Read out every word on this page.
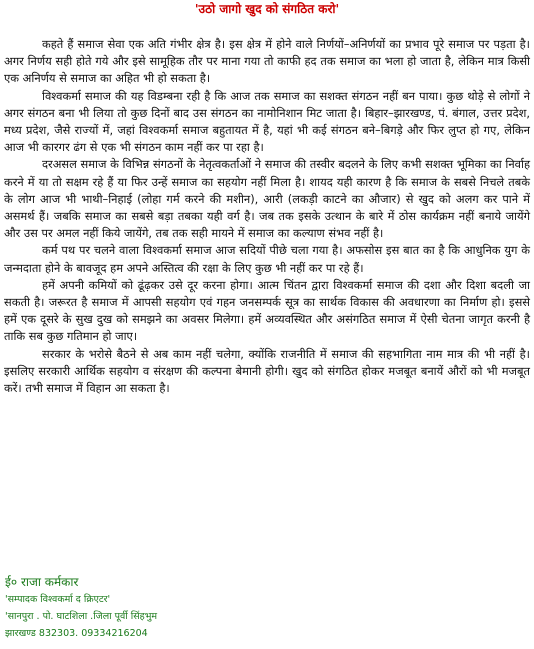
'उठो जागो खुद को संगठित करो'

कहते हैं समाज सेवा एक अति गंभीर क्षेत्र है। इस क्षेत्र में होने वाले निर्णयों–अनिर्णयों का प्रभाव पूरे समाज पर पड़ता है। अगर निर्णय सही होते गये और इसे सामूहिक तौर पर माना गया तो काफी हद तक समाज का भला हो जाता है, लेकिन मात्र किसी एक अनिर्णय से समाज का अहित भी हो सकता है।

विश्वकर्मा समाज की यह विडम्बना रही है कि आज तक समाज का सशक्त संगठन नहीं बन पाया। कुछ थोड़े से लोगों ने अगर संगठन बना भी लिया तो कुछ दिनों बाद उस संगठन का नामोनिशान मिट जाता है। बिहार–झारखण्ड, पं. बंगाल, उत्तर प्रदेश, मध्य प्रदेश, जैसे राज्यों में, जहां विश्वकर्मा समाज बहुतायत में है, यहां भी कई संगठन बने–बिगड़े और फिर लुप्त हो गए, लेकिन आज भी कारगर ढंग से एक भी संगठन काम नहीं कर पा रहा है।

दरअसल समाज के विभिन्न संगठनों के नेतृत्वकर्ताओं ने समाज की तस्वीर बदलने के लिए कभी सशक्त भूमिका का निर्वाह करने में या तो सक्षम रहे हैं या फिर उन्हें समाज का सहयोग नहीं मिला है। शायद यही कारण है कि समाज के सबसे निचले तबके के लोग आज भी भाथी–निहाई (लोहा गर्म करने की मशीन), आरी (लकड़ी काटने का औजार) से खुद को अलग कर पाने में असमर्थ हैं। जबकि समाज का सबसे बड़ा तबका यही वर्ग है। जब तक इसके उत्थान के बारे में ठोस कार्यक्रम नहीं बनाये जायेंगे और उस पर अमल नहीं किये जायेंगे, तब तक सही मायने में समाज का कल्याण संभव नहीं है।

कर्म पथ पर चलने वाला विश्वकर्मा समाज आज सदियों पीछे चला गया है। अफसोस इस बात का है कि आधुनिक युग के जन्मदाता होने के बावजूद हम अपने अस्तित्व की रक्षा के लिए कुछ भी नहीं कर पा रहे हैं।

हमें अपनी कमियों को ढूंढ़कर उसे दूर करना होगा। आत्म चिंतन द्वारा विश्वकर्मा समाज की दशा और दिशा बदली जा सकती है। जरूरत है समाज में आपसी सहयोग एवं गहन जनसम्पर्क सूत्र का सार्थक विकास की अवधारणा का निर्माण हो। इससे हमें एक दूसरे के सुख दुख को समझने का अवसर मिलेगा। हमें अव्यवस्थित और असंगठित समाज में ऐसी चेतना जागृत करनी है ताकि सब कुछ गतिमान हो जाए।

सरकार के भरोसे बैठने से अब काम नहीं चलेगा, क्योंकि राजनीति में समाज की सहभागिता नाम मात्र की भी नहीं है। इसलिए सरकारी आर्थिक सहयोग व संरक्षण की कल्पना बेमानी होगी। खुद को संगठित होकर मजबूत बनायें औरों को भी मजबूत करें। तभी समाज में विहान आ सकता है।

ई० राजा कर्मकार
'सम्पादक विश्वकर्मा द क्रिएटर'
'सानपुरा . पो. घाटशिला .जिला पूर्वी सिंहभुम
झारखण्ड 832303. 09334216204
